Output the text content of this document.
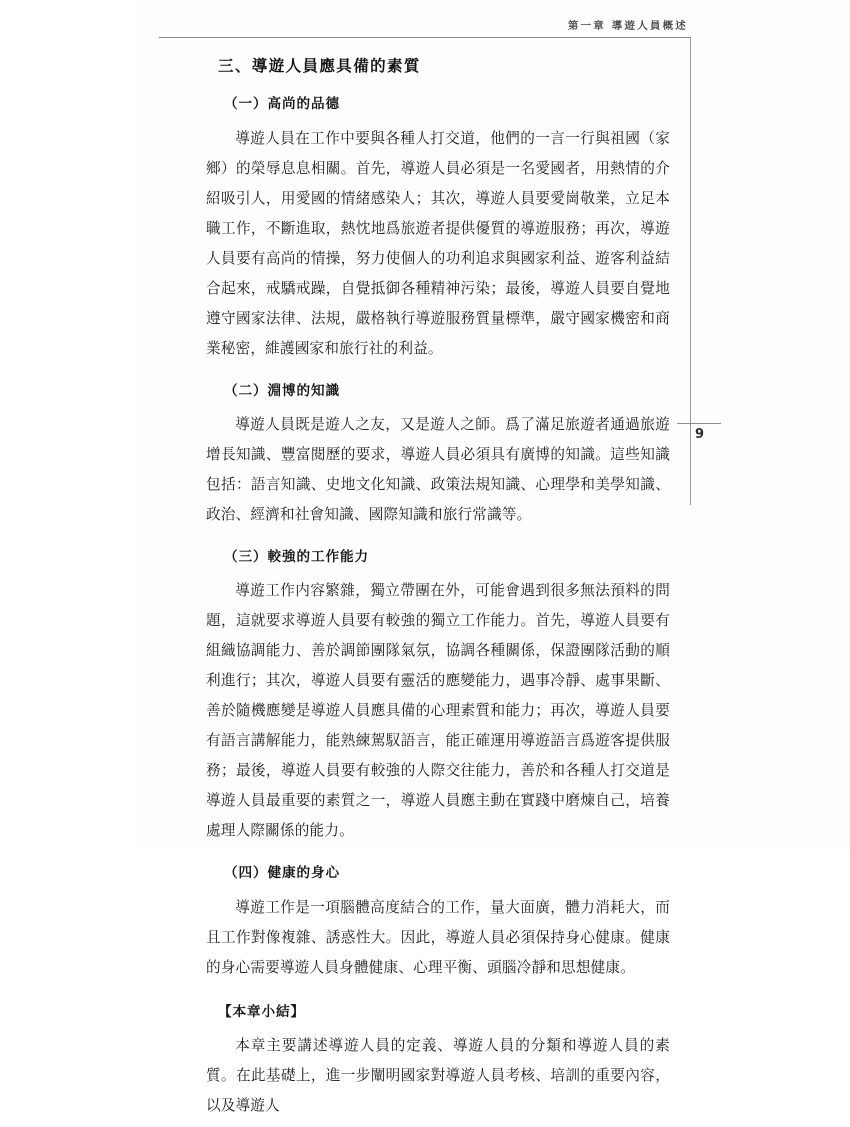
第一章 導遊人員概述
9
三、導遊人員應具備的素質
（一）高尚的品德

導遊人員在工作中要與各種人打交道，他們的一言一行與祖國（家鄉）的榮辱息息相關。首先，導遊人員必須是一名愛國者，用熱情的介紹吸引人，用愛國的情緒感染人；其次，導遊人員要愛崗敬業，立足本職工作，不斷進取，熱忱地爲旅遊者提供優質的導遊服務；再次，導遊人員要有高尚的情操，努力使個人的功利追求與國家利益、遊客利益結合起來，戒驕戒躁，自覺抵御各種精神污染；最後，導遊人員要自覺地遵守國家法律、法規，嚴格執行導遊服務質量標準，嚴守國家機密和商業秘密，維護國家和旅行社的利益。

（二）淵博的知識

導遊人員既是遊人之友，又是遊人之師。爲了滿足旅遊者通過旅遊增長知識、豐富閱歷的要求，導遊人員必須具有廣博的知識。這些知識包括：語言知識、史地文化知識、政策法規知識、心理學和美學知識、政治、經濟和社會知識、國際知識和旅行常識等。

（三）較強的工作能力

導遊工作内容繁雜，獨立帶團在外，可能會遇到很多無法預料的問題，這就要求導遊人員要有較強的獨立工作能力。首先，導遊人員要有組織協調能力、善於調節團隊氣氛，協調各種關係，保證團隊活動的順利進行；其次，導遊人員要有靈活的應變能力，遇事冷靜、處事果斷、善於隨機應變是導遊人員應具備的心理素質和能力；再次，導遊人員要有語言講解能力，能熟練駕馭語言，能正確運用導遊語言爲遊客提供服務；最後，導遊人員要有較強的人際交往能力，善於和各種人打交道是導遊人員最重要的素質之一，導遊人員應主動在實踐中磨煉自己，培養處理人際關係的能力。

（四）健康的身心

導遊工作是一項腦體高度結合的工作，量大面廣，體力消耗大，而且工作對像複雜、誘惑性大。因此，導遊人員必須保持身心健康。健康的身心需要導遊人員身體健康、心理平衡、頭腦冷靜和思想健康。

【本章小結】

本章主要講述導遊人員的定義、導遊人員的分類和導遊人員的素質。在此基礎上，進一步闡明國家對導遊人員考核、培訓的重要內容，以及導遊人
